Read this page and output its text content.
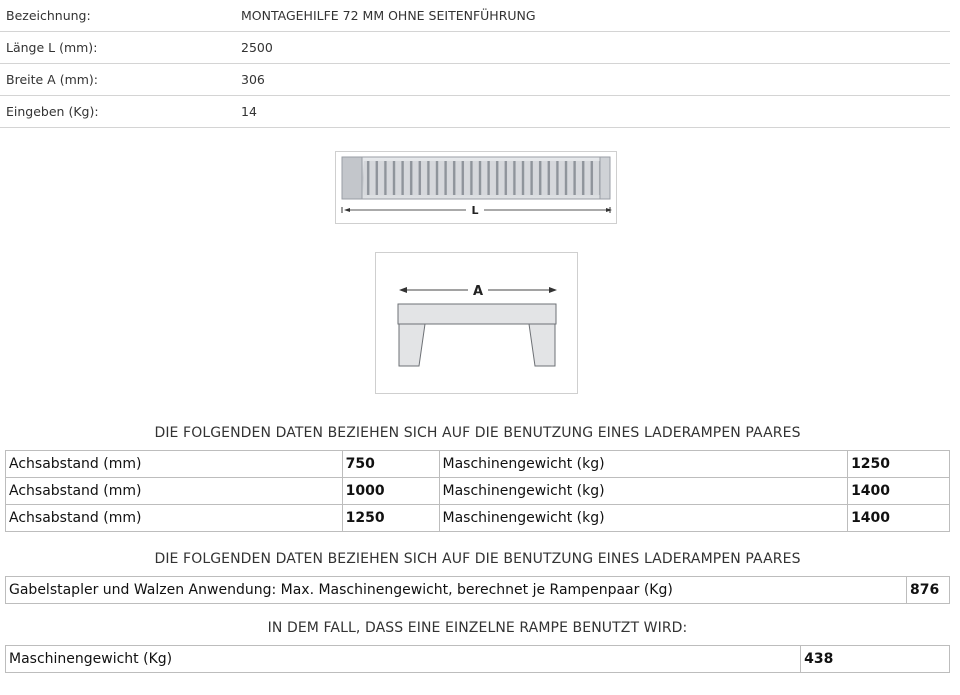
Bezeichnung:	MONTAGEHILFE 72 MM OHNE SEITENFÜHRUNG
Länge L (mm):	2500
Breite A (mm):	306
Eingeben (Kg):	14
L
A
DIE FOLGENDEN DATEN BEZIEHEN SICH AUF DIE BENUTZUNG EINES LADERAMPEN PAARES
Achsabstand (mm)	750	Maschinengewicht (kg)	1250
Achsabstand (mm)	1000	Maschinengewicht (kg)	1400
Achsabstand (mm)	1250	Maschinengewicht (kg)	1400
DIE FOLGENDEN DATEN BEZIEHEN SICH AUF DIE BENUTZUNG EINES LADERAMPEN PAARES
Gabelstapler und Walzen Anwendung: Max. Maschinengewicht, berechnet je Rampenpaar (Kg)	876
IN DEM FALL, DASS EINE EINZELNE RAMPE BENUTZT WIRD:
Maschinengewicht (Kg)	438
